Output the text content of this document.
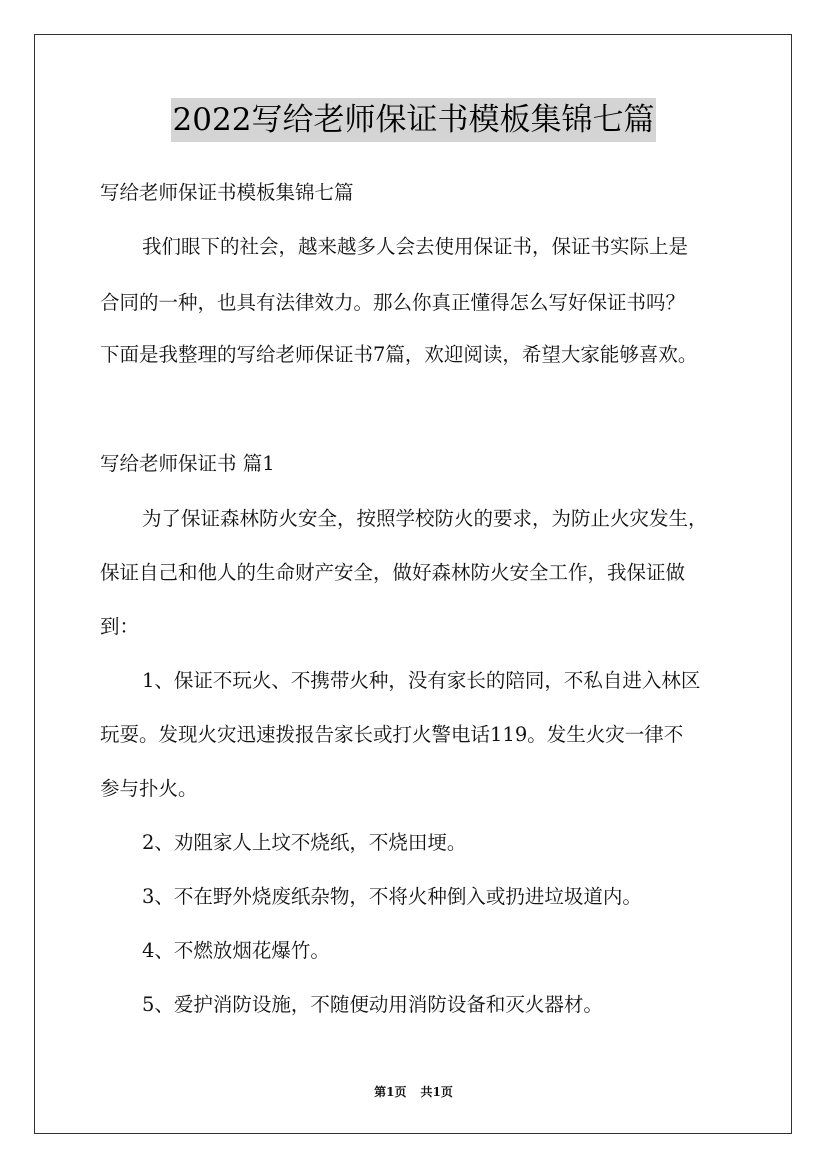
2022写给老师保证书模板集锦七篇
写给老师保证书模板集锦七篇
我们眼下的社会，越来越多人会去使用保证书，保证书实际上是
合同的一种，也具有法律效力。那么你真正懂得怎么写好保证书吗？
下面是我整理的写给老师保证书7篇，欢迎阅读，希望大家能够喜欢。
写给老师保证书 篇1
为了保证森林防火安全，按照学校防火的要求，为防止火灾发生，
保证自己和他人的生命财产安全，做好森林防火安全工作，我保证做
到：
1、保证不玩火、不携带火种，没有家长的陪同，不私自进入林区
玩耍。发现火灾迅速拨报告家长或打火警电话119。发生火灾一律不
参与扑火。
2、劝阻家人上坟不烧纸，不烧田埂。
3、不在野外烧废纸杂物，不将火种倒入或扔进垃圾道内。
4、不燃放烟花爆竹。
5、爱护消防设施，不随便动用消防设备和灭火器材。
第1页 共1页
